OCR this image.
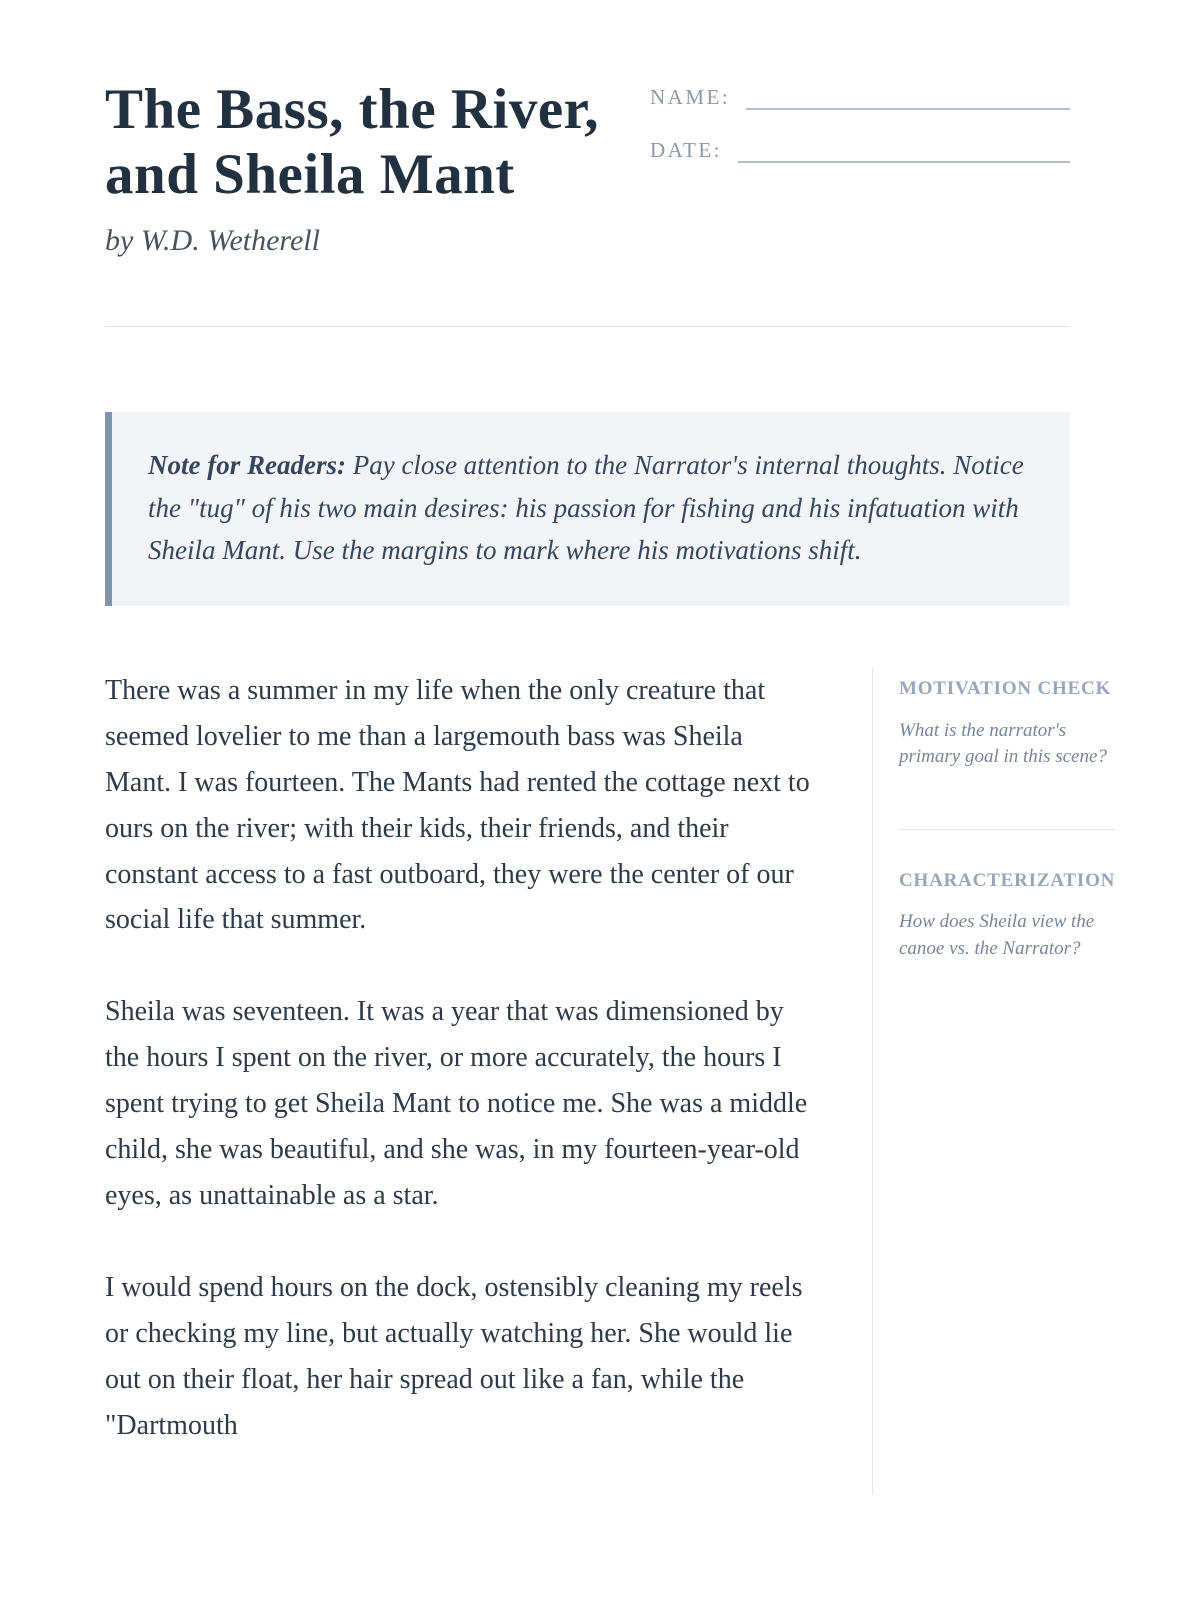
The Bass, the River,
and Sheila Mant
by W.D. Wetherell
NAME:
DATE:

Note for Readers: Pay close attention to the Narrator's internal thoughts. Notice the "tug" of his two main desires: his passion for fishing and his infatuation with Sheila Mant. Use the margins to mark where his motivations shift.

There was a summer in my life when the only creature that seemed lovelier to me than a largemouth bass was Sheila Mant. I was fourteen. The Mants had rented the cottage next to ours on the river; with their kids, their friends, and their constant access to a fast outboard, they were the center of our social life that summer.

Sheila was seventeen. It was a year that was dimensioned by the hours I spent on the river, or more accurately, the hours I spent trying to get Sheila Mant to notice me. She was a middle child, she was beautiful, and she was, in my fourteen-year-old eyes, as unattainable as a star.

I would spend hours on the dock, ostensibly cleaning my reels or checking my line, but actually watching her. She would lie out on their float, her hair spread out like a fan, while the "Dartmouth

MOTIVATION CHECK
What is the narrator's primary goal in this scene?
CHARACTERIZATION
How does Sheila view the canoe vs. the Narrator?
